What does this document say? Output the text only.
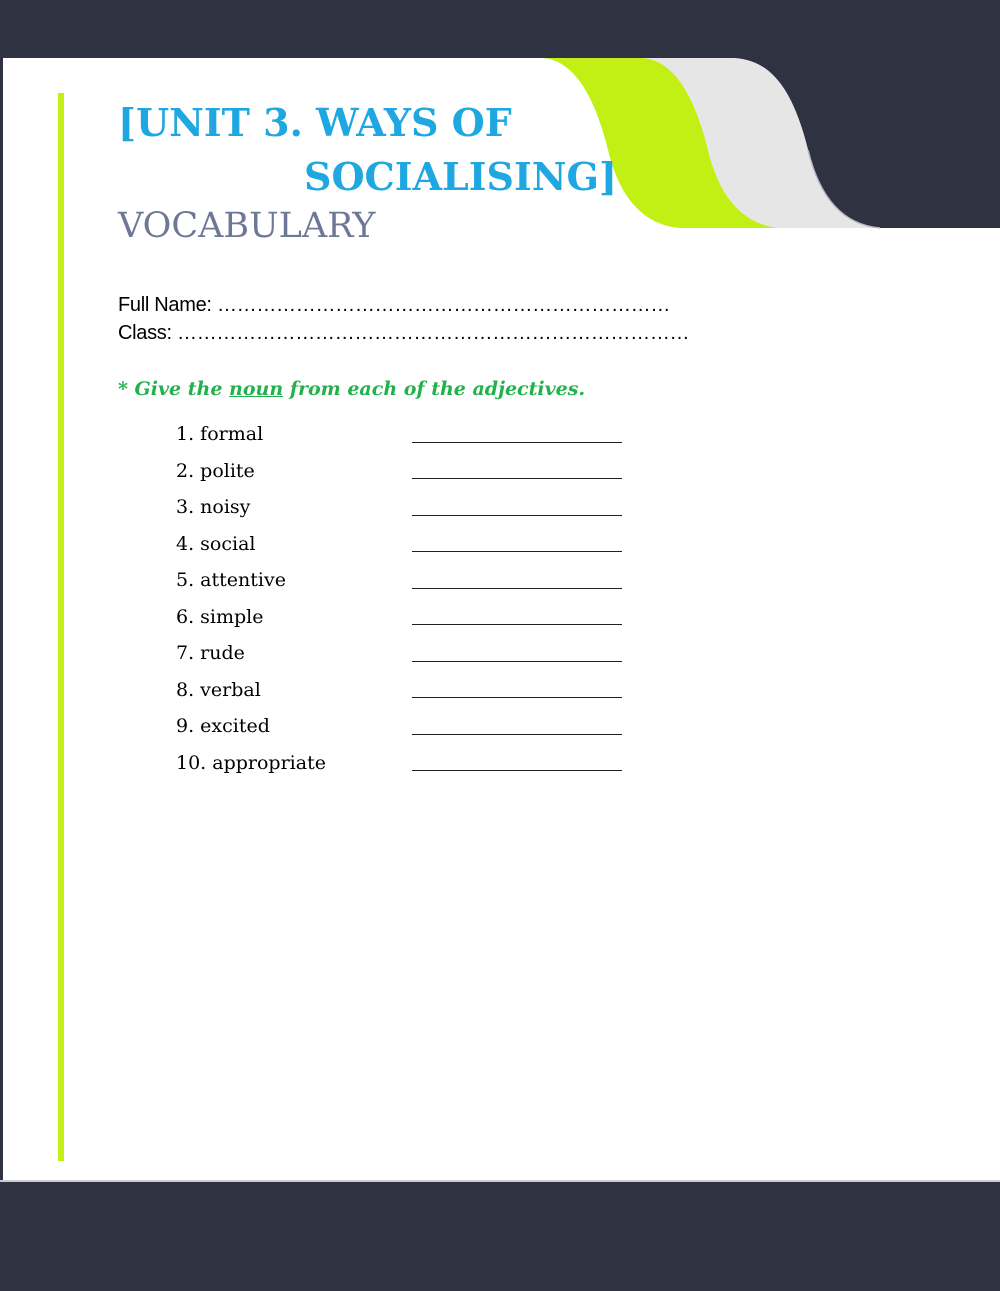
[UNIT 3. WAYS OF
SOCIALISING]
VOCABULARY
Full Name: ……………………………………………………………
Class: ……………………………………………………………………
* Give the noun from each of the adjectives.
1. formal
2. polite
3. noisy
4. social
5. attentive
6. simple
7. rude
8. verbal
9. excited
10. appropriate
